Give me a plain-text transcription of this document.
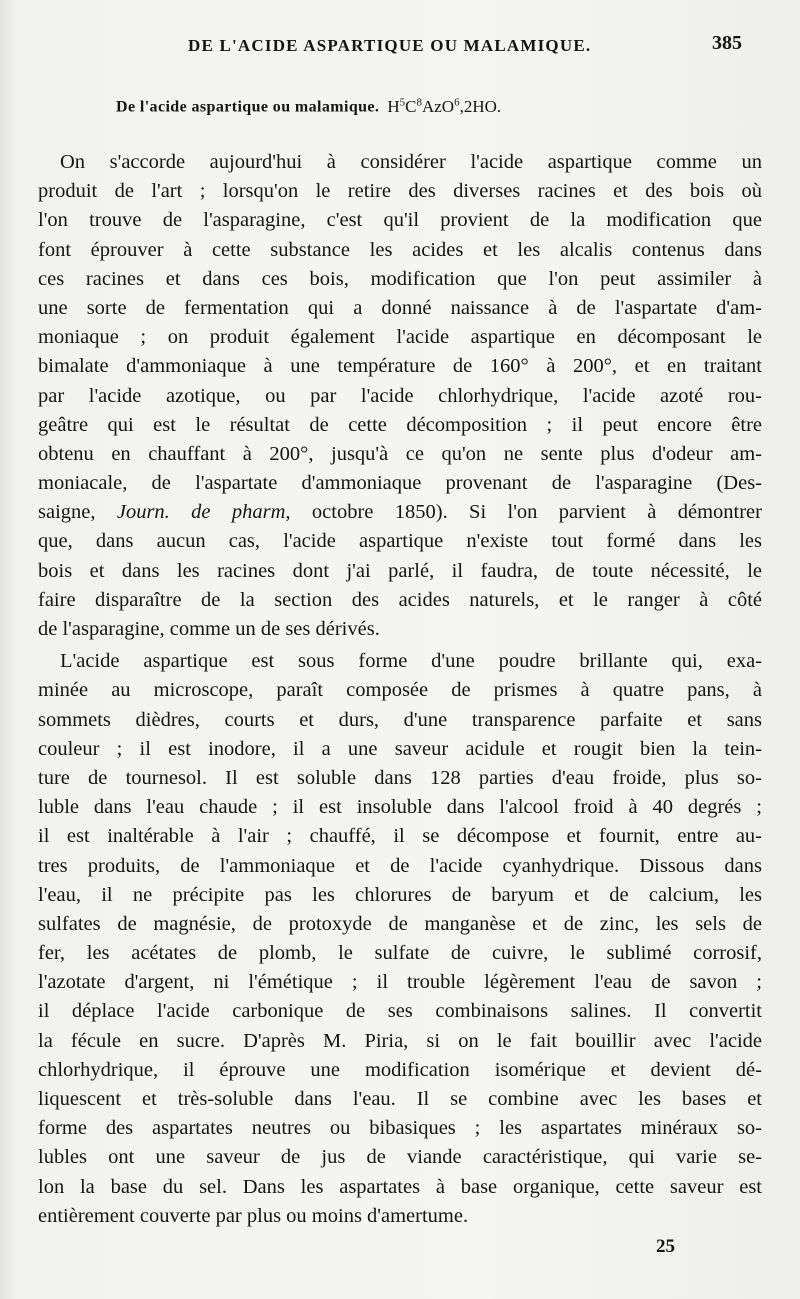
DE L'ACIDE ASPARTIQUE OU MALAMIQUE.	385
De l'acide aspartique ou malamique. $H^5C^8AzO^6,2HO$.
On s'accorde aujourd'hui à considérer l'acide aspartique comme un
produit de l'art ; lorsqu'on le retire des diverses racines et des bois où
l'on trouve de l'asparagine, c'est qu'il provient de la modification que
font éprouver à cette substance les acides et les alcalis contenus dans
ces racines et dans ces bois, modification que l'on peut assimiler à
une sorte de fermentation qui a donné naissance à de l'aspartate d'am-
moniaque ; on produit également l'acide aspartique en décomposant le
bimalate d'ammoniaque à une température de 160° à 200°, et en traitant
par l'acide azotique, ou par l'acide chlorhydrique, l'acide azoté rou-
geâtre qui est le résultat de cette décomposition ; il peut encore être
obtenu en chauffant à 200°, jusqu'à ce qu'on ne sente plus d'odeur am-
moniacale, de l'aspartate d'ammoniaque provenant de l'asparagine (Des-
saigne, Journ. de pharm, octobre 1850). Si l'on parvient à démontrer
que, dans aucun cas, l'acide aspartique n'existe tout formé dans les
bois et dans les racines dont j'ai parlé, il faudra, de toute nécessité, le
faire disparaître de la section des acides naturels, et le ranger à côté
de l'asparagine, comme un de ses dérivés.
L'acide aspartique est sous forme d'une poudre brillante qui, exa-
minée au microscope, paraît composée de prismes à quatre pans, à
sommets dièdres, courts et durs, d'une transparence parfaite et sans
couleur ; il est inodore, il a une saveur acidule et rougit bien la tein-
ture de tournesol. Il est soluble dans 128 parties d'eau froide, plus so-
luble dans l'eau chaude ; il est insoluble dans l'alcool froid à 40 degrés ;
il est inaltérable à l'air ; chauffé, il se décompose et fournit, entre au-
tres produits, de l'ammoniaque et de l'acide cyanhydrique. Dissous dans
l'eau, il ne précipite pas les chlorures de baryum et de calcium, les
sulfates de magnésie, de protoxyde de manganèse et de zinc, les sels de
fer, les acétates de plomb, le sulfate de cuivre, le sublimé corrosif,
l'azotate d'argent, ni l'émétique ; il trouble légèrement l'eau de savon ;
il déplace l'acide carbonique de ses combinaisons salines. Il convertit
la fécule en sucre. D'après M. Piria, si on le fait bouillir avec l'acide
chlorhydrique, il éprouve une modification isomérique et devient dé-
liquescent et très-soluble dans l'eau. Il se combine avec les bases et
forme des aspartates neutres ou bibasiques ; les aspartates minéraux so-
lubles ont une saveur de jus de viande caractéristique, qui varie se-
lon la base du sel. Dans les aspartates à base organique, cette saveur est
entièrement couverte par plus ou moins d'amertume.
25
